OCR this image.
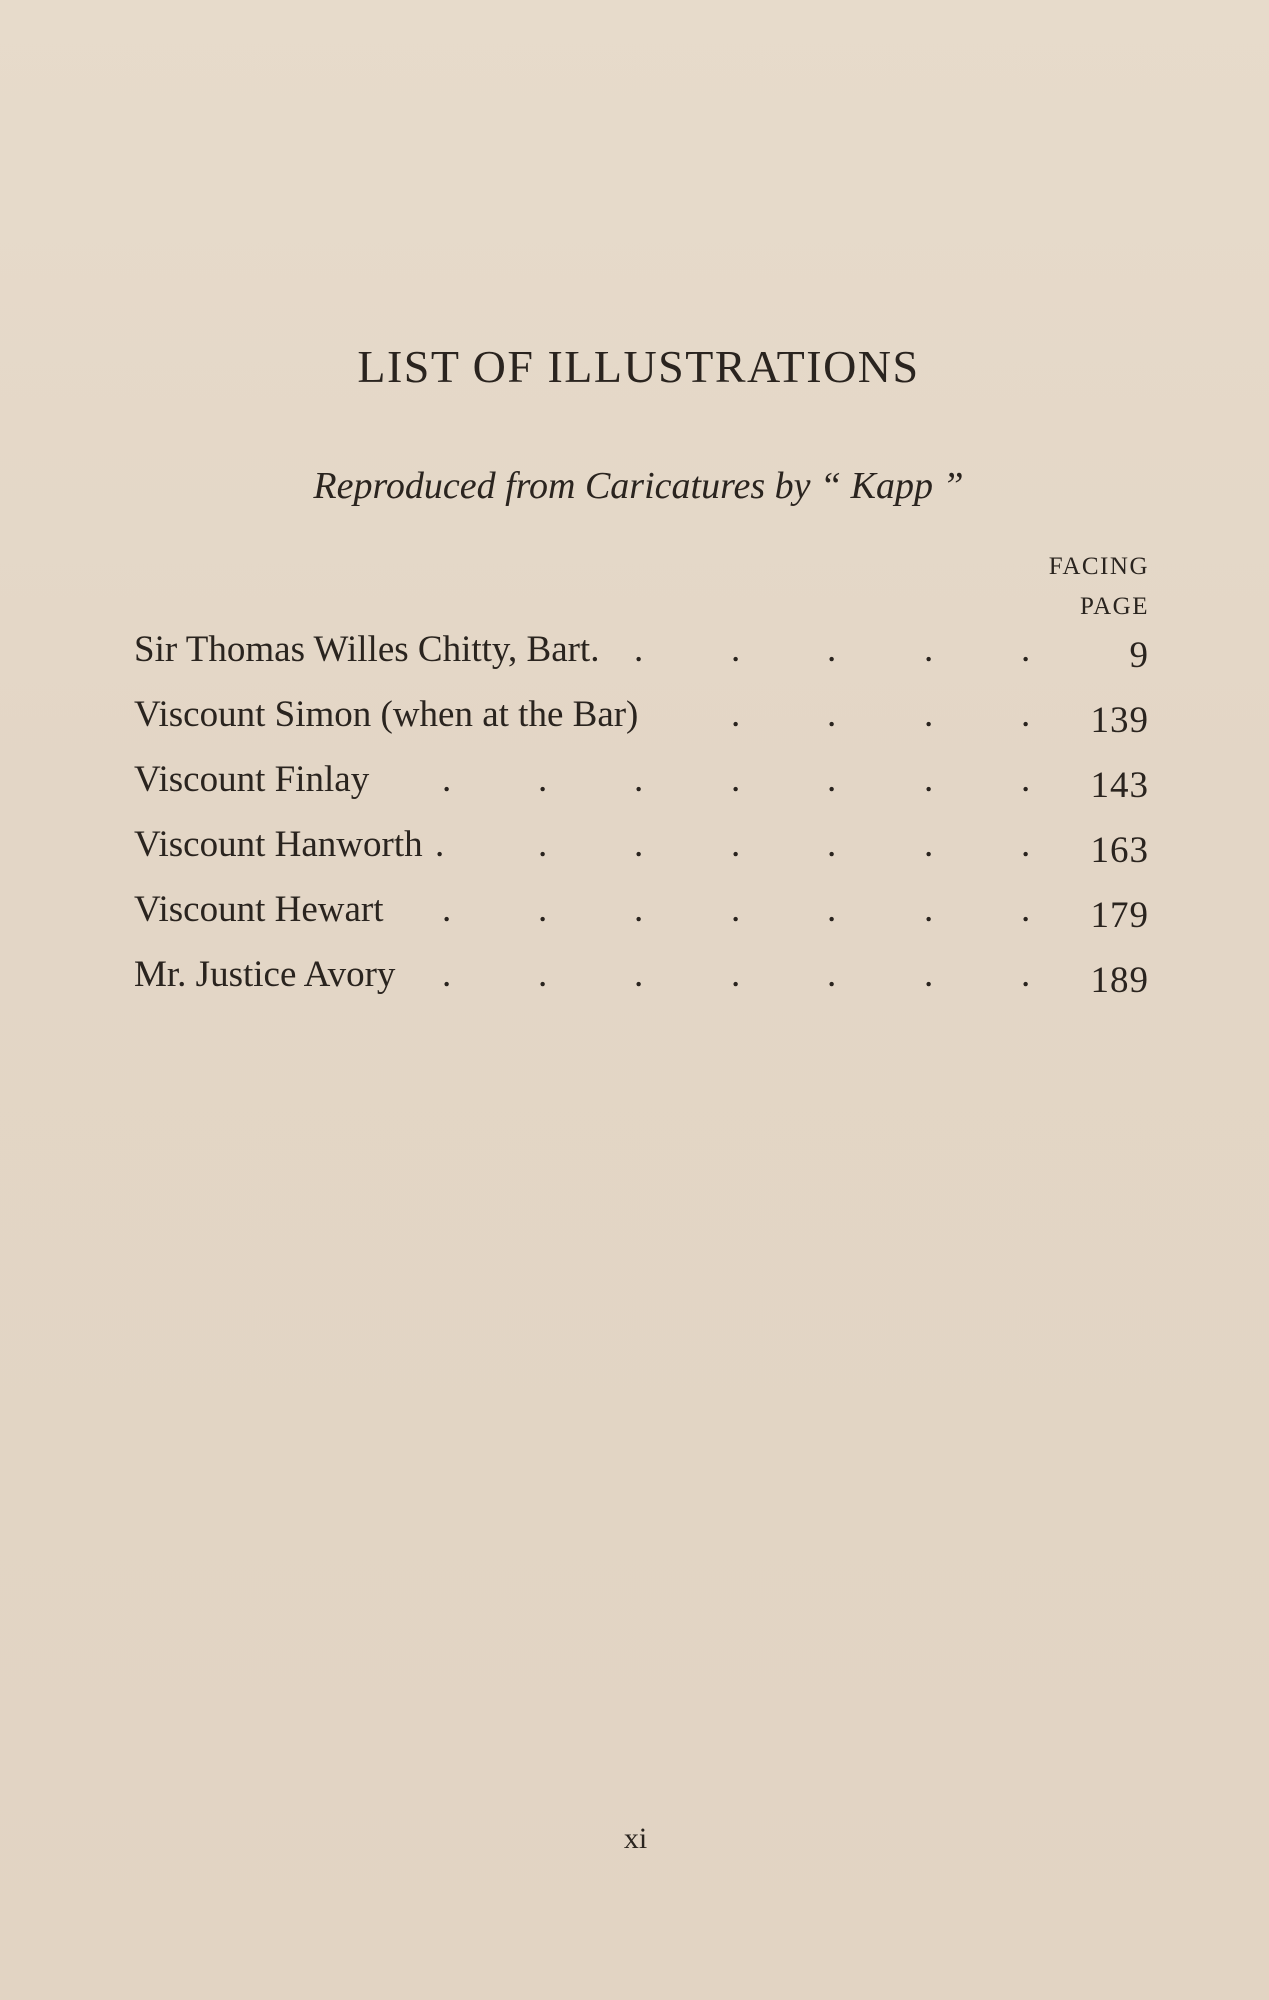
LIST OF ILLUSTRATIONS
Reproduced from Caricatures by “ Kapp ”
FACING
PAGE
Sir Thomas Willes Chitty, Bart.	9
. . . . .
Viscount Simon (when at the Bar)	139
. . . .
Viscount Finlay	143
. . . . . . .
Viscount Hanworth	163
. . . . . .
.
Viscount Hewart	179
. . . . . . .
Mr. Justice Avory	189
. . . . . . .
xi
